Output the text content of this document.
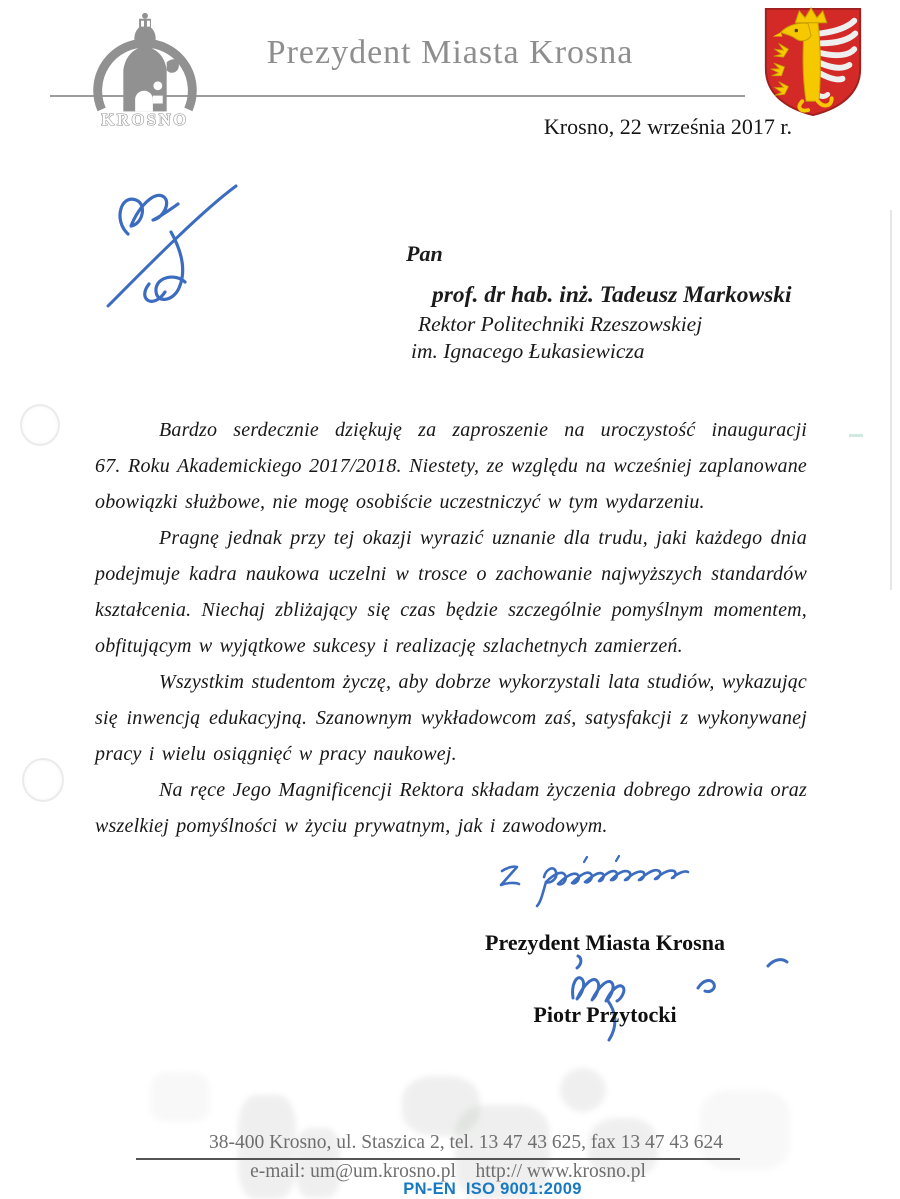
KROSNO
Prezydent Miasta Krosna
Krosno, 22 września 2017 r.
Pan
prof. dr hab. inż. Tadeusz Markowski
Rektor Politechniki Rzeszowskiej
im. Ignacego Łukasiewicza
Bardzo serdecznie dziękuję za zaproszenie na uroczystość inauguracji
67. Roku Akademickiego 2017/2018. Niestety, ze względu na wcześniej zaplanowane
obowiązki służbowe, nie mogę osobiście uczestniczyć w tym wydarzeniu.
Pragnę jednak przy tej okazji wyrazić uznanie dla trudu, jaki każdego dnia
podejmuje kadra naukowa uczelni w trosce o zachowanie najwyższych standardów
kształcenia. Niechaj zbliżający się czas będzie szczególnie pomyślnym momentem,
obfitującym w wyjątkowe sukcesy i realizację szlachetnych zamierzeń.
Wszystkim studentom życzę, aby dobrze wykorzystali lata studiów, wykazując
się inwencją edukacyjną. Szanownym wykładowcom zaś, satysfakcji z wykonywanej
pracy i wielu osiągnięć w pracy naukowej.
Na ręce Jego Magnificencji Rektora składam życzenia dobrego zdrowia oraz
wszelkiej pomyślności w życiu prywatnym, jak i zawodowym.
Prezydent Miasta Krosna
Piotr Przytocki
38-400 Krosno, ul. Staszica 2, tel. 13 47 43 625, fax 13 47 43 624
e-mail: um@um.krosno.pl    http:// www.krosno.pl
PN-EN  ISO 9001:2009
